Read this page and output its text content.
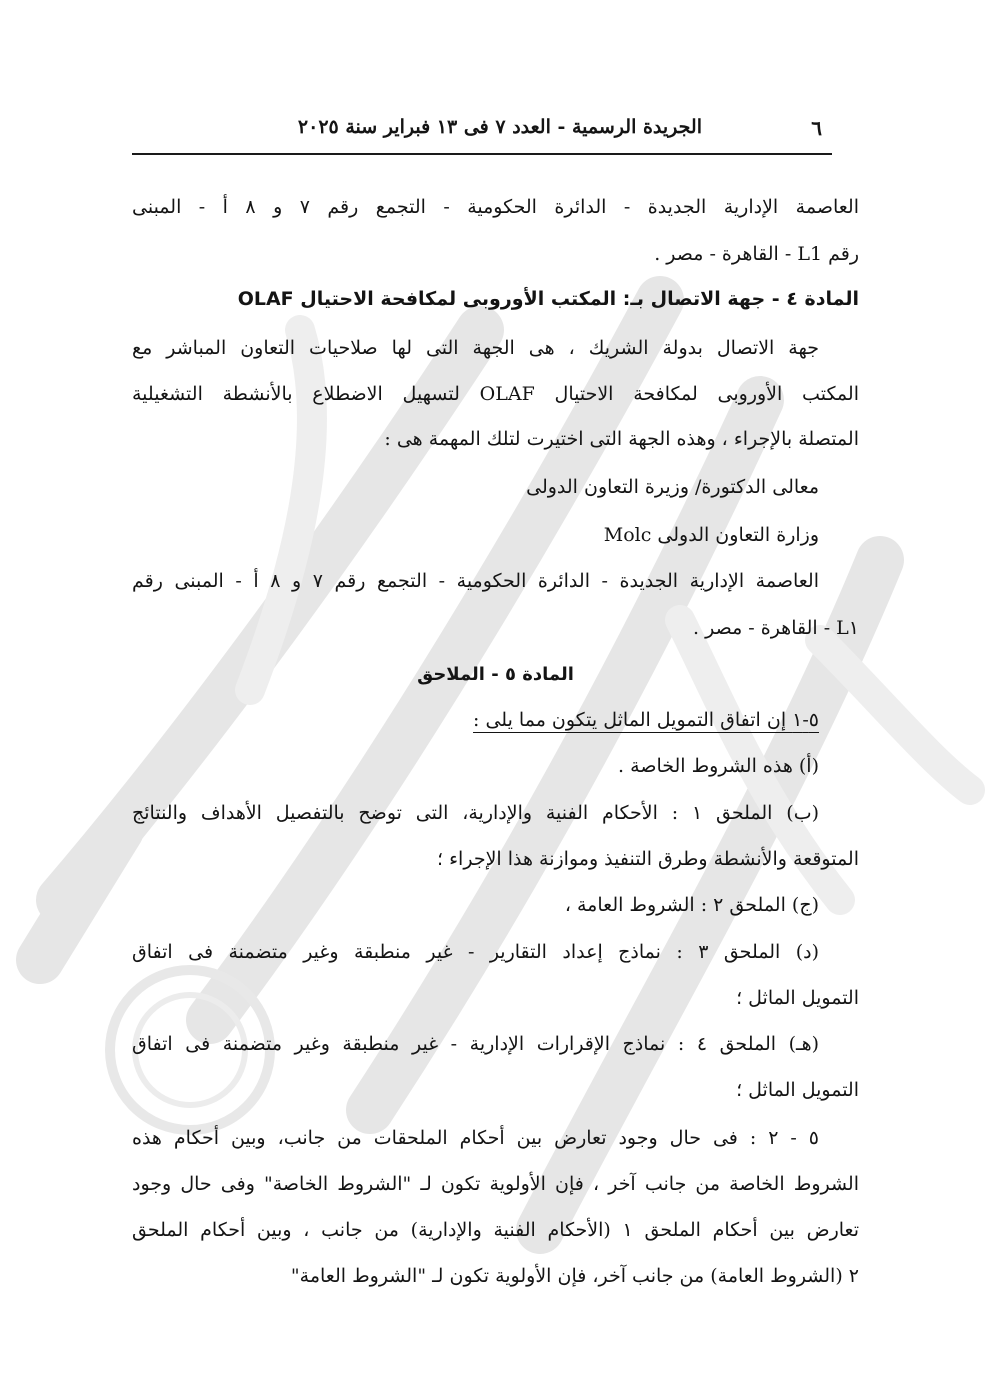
٦
الجريدة الرسمية - العدد ٧ فى ١٣ فبراير سنة ٢٠٢٥
العاصمة الإدارية الجديدة - الدائرة الحكومية - التجمع رقم ٧ و ٨ أ - المبنى
رقم L1 - القاهرة - مصر .
المادة ٤ - جهة الاتصال بـ: المكتب الأوروبى لمكافحة الاحتيال OLAF
جهة الاتصال بدولة الشريك ، هى الجهة التى لها صلاحيات التعاون المباشر مع
المكتب الأوروبى لمكافحة الاحتيال OLAF لتسهيل الاضطلاع بالأنشطة التشغيلية
المتصلة بالإجراء ، وهذه الجهة التى اختيرت لتلك المهمة هى :
معالى الدكتورة/ وزيرة التعاون الدولى
وزارة التعاون الدولى Molc
العاصمة الإدارية الجديدة - الدائرة الحكومية - التجمع رقم ٧ و ٨ أ - المبنى رقم
L١ - القاهرة - مصر .
المادة ٥ - الملاحق
٥-١ إن اتفاق التمويل الماثل يتكون مما يلى :
(أ) هذه الشروط الخاصة .
(ب) الملحق ١ : الأحكام الفنية والإدارية، التى توضح بالتفصيل الأهداف والنتائج
المتوقعة والأنشطة وطرق التنفيذ وموازنة هذا الإجراء ؛
(ج) الملحق ٢ : الشروط العامة ،
(د) الملحق ٣ : نماذج إعداد التقارير - غير منطبقة وغير متضمنة فى اتفاق
التمويل الماثل ؛
(هـ) الملحق ٤ : نماذج الإقرارات الإدارية - غير منطبقة وغير متضمنة فى اتفاق
التمويل الماثل ؛
٥ - ٢ : فى حال وجود تعارض بين أحكام الملحقات من جانب، وبين أحكام هذه
الشروط الخاصة من جانب آخر ، فإن الأولوية تكون لـ "الشروط الخاصة" وفى حال وجود
تعارض بين أحكام الملحق ١ (الأحكام الفنية والإدارية) من جانب ، وبين أحكام الملحق
٢ (الشروط العامة) من جانب آخر، فإن الأولوية تكون لـ "الشروط العامة"
